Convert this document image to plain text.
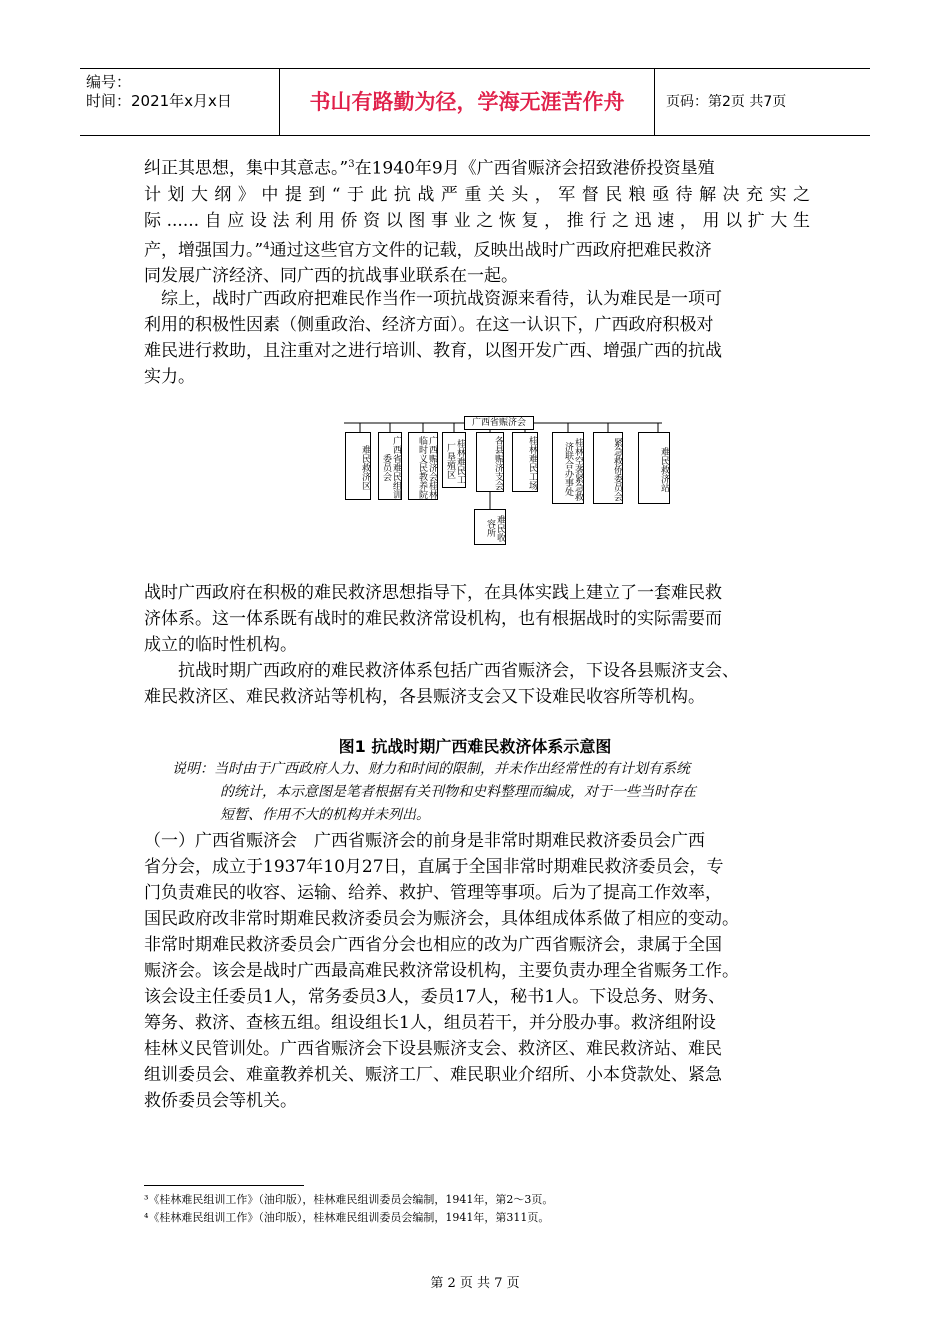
编号：
时间：2021年x月x日	书山有路勤为径，学海无涯苦作舟	页码：第2页 共7页
纠正其思想，集中其意志。”$^3$在1940年9月《广西省赈济会招致港侨投资垦殖
计划大纲》中提到“于此抗战严重关头，军督民粮亟待解决充实之
际......自应设法利用侨资以图事业之恢复，推行之迅速，用以扩大生
产，增强国力。”$^4$通过这些官方文件的记载，反映出战时广西政府把难民救济
同发展广济经济、同广西的抗战事业联系在一起。
　综上，战时广西政府把难民作当作一项抗战资源来看待，认为难民是一项可
利用的积极性因素（侧重政治、经济方面）。在这一认识下，广西政府积极对
难民进行救助，且注重对之进行培训、教育，以图开发广西、增强广西的抗战
实力。
广西省赈济会
难民救济区	广西省难民组训委员会	广西赈济会桂林临时义民教养院	桂林难民工厂垦殖区	各县赈济支会	桂林难民工场	桂林空袭紧急救济联合办事处	紧急救侨委员会	难民救济站
难民收容所
战时广西政府在积极的难民救济思想指导下，在具体实践上建立了一套难民救
济体系。这一体系既有战时的难民救济常设机构，也有根据战时的实际需要而
成立的临时性机构。
　　抗战时期广西政府的难民救济体系包括广西省赈济会，下设各县赈济支会、
难民救济区、难民救济站等机构，各县赈济支会又下设难民收容所等机构。
图1 抗战时期广西难民救济体系示意图
说明：当时由于广西政府人力、财力和时间的限制，并未作出经常性的有计划有系统
的统计，本示意图是笔者根据有关刊物和史料整理而编成，对于一些当时存在
短暂、作用不大的机构并未列出。
（一）广西省赈济会　广西省赈济会的前身是非常时期难民救济委员会广西
省分会，成立于1937年10月27日，直属于全国非常时期难民救济委员会，专
门负责难民的收容、运输、给养、救护、管理等事项。后为了提高工作效率，
国民政府改非常时期难民救济委员会为赈济会，具体组成体系做了相应的变动。
非常时期难民救济委员会广西省分会也相应的改为广西省赈济会，隶属于全国
赈济会。该会是战时广西最高难民救济常设机构，主要负责办理全省赈务工作。
该会设主任委员1人，常务委员3人，委员17人，秘书1人。下设总务、财务、
筹务、救济、查核五组。组设组长1人，组员若干，并分股办事。救济组附设
桂林义民管训处。广西省赈济会下设县赈济支会、救济区、难民救济站、难民
组训委员会、难童教养机关、赈济工厂、难民职业介绍所、小本贷款处、紧急
救侨委员会等机关。
³《桂林难民组训工作》（油印版），桂林难民组训委员会编制，1941年，第2～3页。
⁴《桂林难民组训工作》（油印版），桂林难民组训委员会编制，1941年，第311页。
第 2 页 共 7 页
